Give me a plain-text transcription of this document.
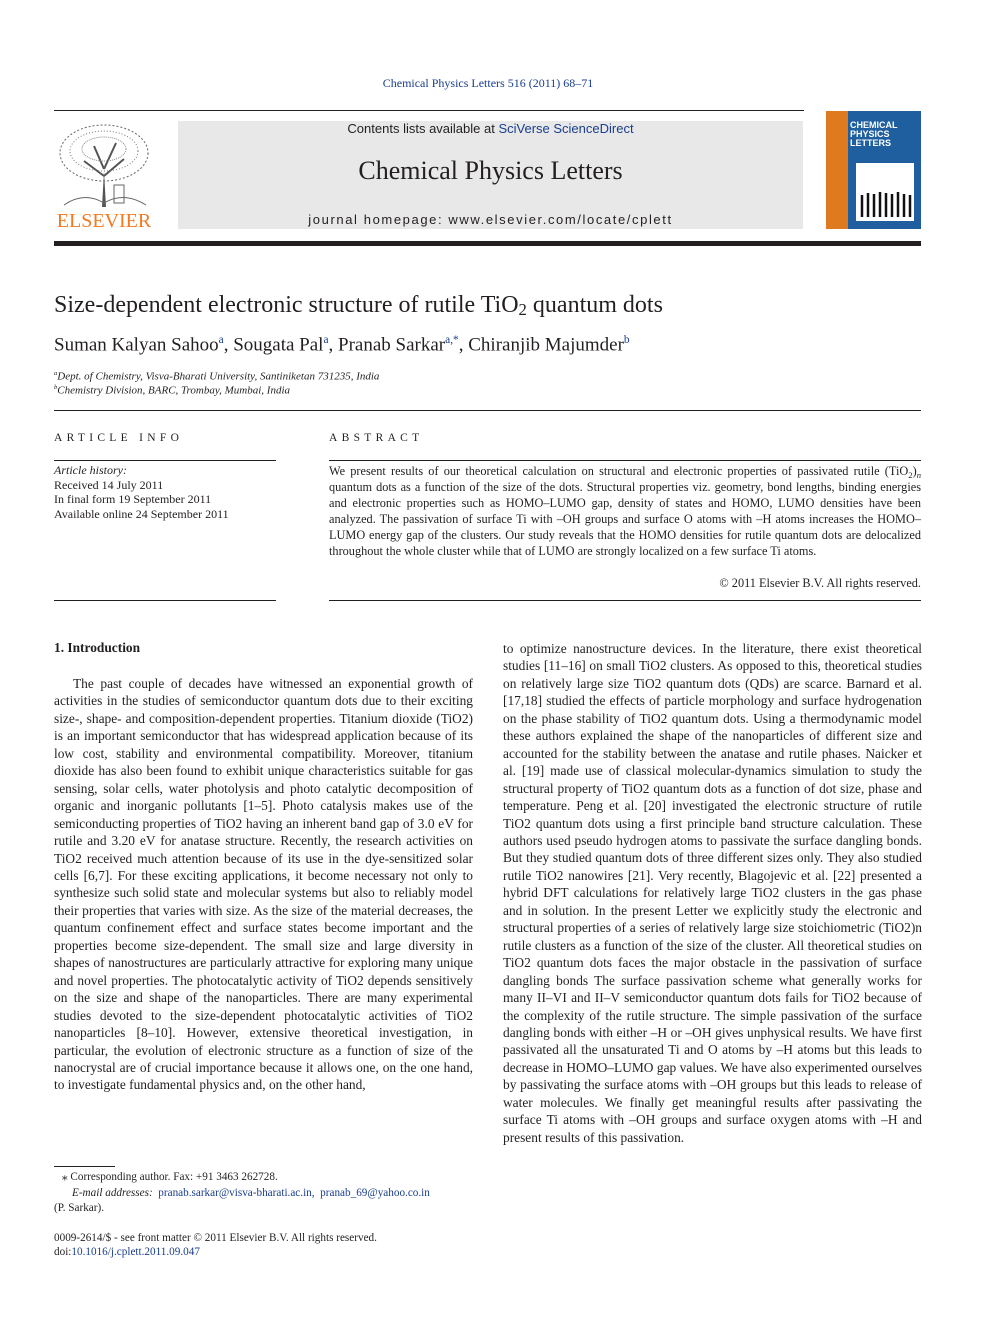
Chemical Physics Letters 516 (2011) 68–71
ELSEVIER
Contents lists available at SciVerse ScienceDirect
Chemical Physics Letters
journal homepage: www.elsevier.com/locate/cplett
CHEMICAL PHYSICS LETTERS
Size-dependent electronic structure of rutile TiO$_2$ quantum dots
Suman Kalyan Sahoo$^a$, Sougata Pal$^a$, Pranab Sarkar$^{a,*}$, Chiranjib Majumder$^b$
$^a$Dept. of Chemistry, Visva-Bharati University, Santiniketan 731235, India
$^b$Chemistry Division, BARC, Trombay, Mumbai, India
ARTICLE INFO
Article history:
Received 14 July 2011
In final form 19 September 2011
Available online 24 September 2011
ABSTRACT
We present results of our theoretical calculation on structural and electronic properties of passivated rutile $(TiO_2)_n$ quantum dots as a function of the size of the dots. Structural properties viz. geometry, bond lengths, binding energies and electronic properties such as HOMO–LUMO gap, density of states and HOMO, LUMO densities have been analyzed. The passivation of surface Ti with –OH groups and surface O atoms with –H atoms increases the HOMO–LUMO energy gap of the clusters. Our study reveals that the HOMO densities for rutile quantum dots are delocalized throughout the whole cluster while that of LUMO are strongly localized on a few surface Ti atoms.
© 2011 Elsevier B.V. All rights reserved.
1. Introduction

The past couple of decades have witnessed an exponential growth of activities in the studies of semiconductor quantum dots due to their exciting size-, shape- and composition-dependent properties. Titanium dioxide (TiO2) is an important semiconductor that has widespread application because of its low cost, stability and environmental compatibility. Moreover, titanium dioxide has also been found to exhibit unique characteristics suitable for gas sensing, solar cells, water photolysis and photo catalytic decomposition of organic and inorganic pollutants [1–5]. Photo catalysis makes use of the semiconducting properties of TiO2 having an inherent band gap of 3.0 eV for rutile and 3.20 eV for anatase structure. Recently, the research activities on TiO2 received much attention because of its use in the dye-sensitized solar cells [6,7]. For these exciting applications, it become necessary not only to synthesize such solid state and molecular systems but also to reliably model their properties that varies with size. As the size of the material decreases, the quantum confinement effect and surface states become important and the properties become size-dependent. The small size and large diversity in shapes of nanostructures are particularly attractive for exploring many unique and novel properties. The photocatalytic activity of TiO2 depends sensitively on the size and shape of the nanoparticles. There are many experimental studies devoted to the size-dependent photocatalytic activities of TiO2 nanoparticles [8–10]. However, extensive theoretical investigation, in particular, the evolution of electronic structure as a function of size of the nanocrystal are of crucial importance because it allows one, on the one hand, to investigate fundamental physics and, on the other hand,

to optimize nanostructure devices. In the literature, there exist theoretical studies [11–16] on small TiO2 clusters. As opposed to this, theoretical studies on relatively large size TiO2 quantum dots (QDs) are scarce. Barnard et al. [17,18] studied the effects of particle morphology and surface hydrogenation on the phase stability of TiO2 quantum dots. Using a thermodynamic model these authors explained the shape of the nanoparticles of different size and accounted for the stability between the anatase and rutile phases. Naicker et al. [19] made use of classical molecular-dynamics simulation to study the structural property of TiO2 quantum dots as a function of dot size, phase and temperature. Peng et al. [20] investigated the electronic structure of rutile TiO2 quantum dots using a first principle band structure calculation. These authors used pseudo hydrogen atoms to passivate the surface dangling bonds. But they studied quantum dots of three different sizes only. They also studied rutile TiO2 nanowires [21]. Very recently, Blagojevic et al. [22] presented a hybrid DFT calculations for relatively large TiO2 clusters in the gas phase and in solution. In the present Letter we explicitly study the electronic and structural properties of a series of relatively large size stoichiometric (TiO2)n rutile clusters as a function of the size of the cluster. All theoretical studies on TiO2 quantum dots faces the major obstacle in the passivation of surface dangling bonds The surface passivation scheme what generally works for many II–VI and II–V semiconductor quantum dots fails for TiO2 because of the complexity of the rutile structure. The simple passivation of the surface dangling bonds with either –H or –OH gives unphysical results. We have first passivated all the unsaturated Ti and O atoms by –H atoms but this leads to decrease in HOMO–LUMO gap values. We have also experimented ourselves by passivating the surface atoms with –OH groups but this leads to release of water molecules. We finally get meaningful results after passivating the surface Ti atoms with –OH groups and surface oxygen atoms with –H and present results of this passivation.

⁎ Corresponding author. Fax: +91 3463 262728.
E-mail addresses: pranab.sarkar@visva-bharati.ac.in, pranab_69@yahoo.co.in
(P. Sarkar).
0009-2614/$ - see front matter © 2011 Elsevier B.V. All rights reserved.
doi:10.1016/j.cplett.2011.09.047
